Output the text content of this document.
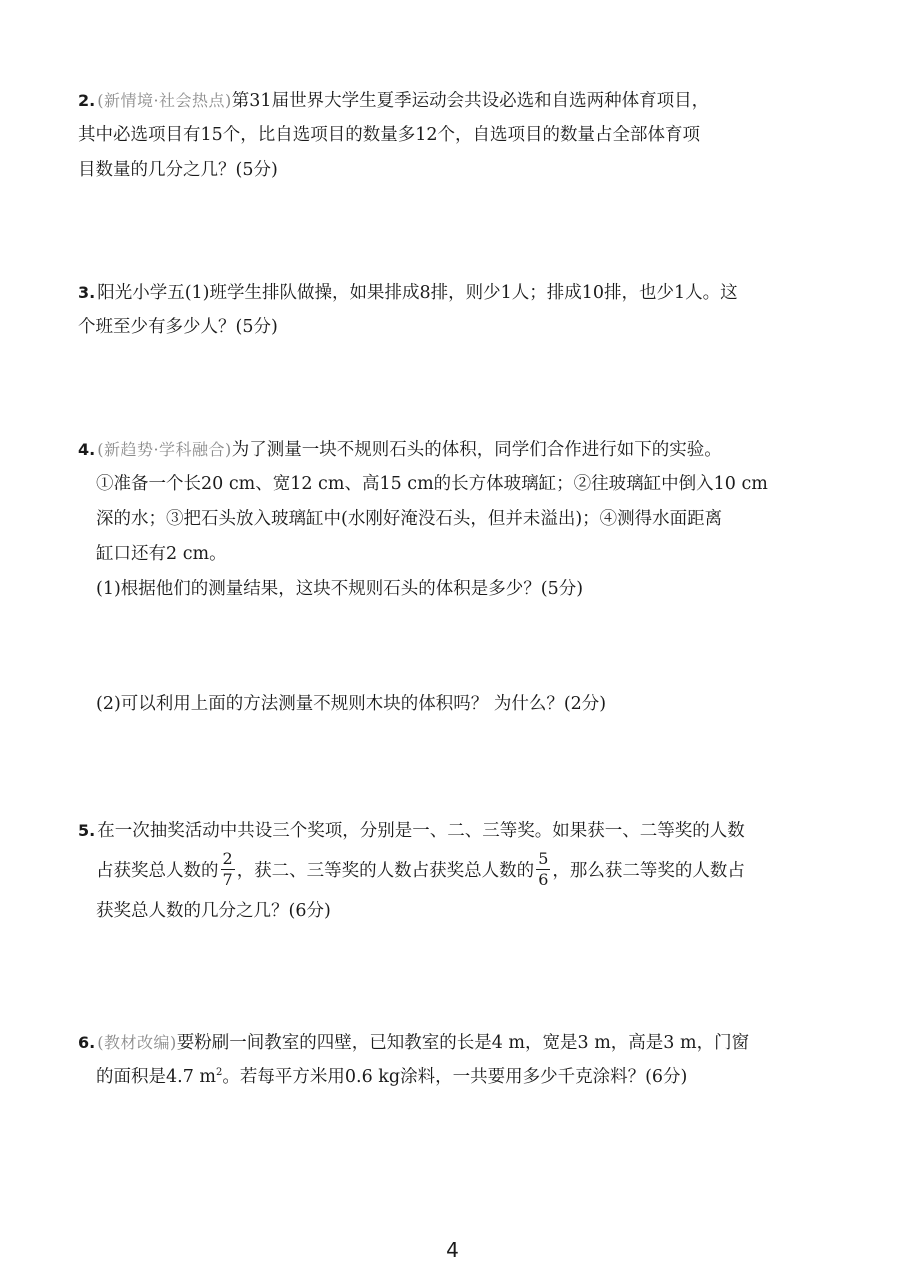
2. (新情境·社会热点)第31届世界大学生夏季运动会共设必选和自选两种体育项目，
其中必选项目有15个，比自选项目的数量多12个，自选项目的数量占全部体育项
目数量的几分之几？(5分)
3. 阳光小学五(1)班学生排队做操，如果排成8排，则少1人；排成10排，也少1人。这
个班至少有多少人？(5分)
4. (新趋势·学科融合)为了测量一块不规则石头的体积，同学们合作进行如下的实验。
①准备一个长20 cm、宽12 cm、高15 cm的长方体玻璃缸；②往玻璃缸中倒入10 cm
深的水；③把石头放入玻璃缸中(水刚好淹没石头，但并未溢出)；④测得水面距离
缸口还有2 cm。
(1)根据他们的测量结果，这块不规则石头的体积是多少？(5分)
(2)可以利用上面的方法测量不规则木块的体积吗？ 为什么？(2分)
5. 在一次抽奖活动中共设三个奖项，分别是一、二、三等奖。如果获一、二等奖的人数
占获奖总人数的 $\frac{2}{7}$ ，获二、三等奖的人数占获奖总人数的 $\frac{5}{6}$ ，那么获二等奖的人数占
获奖总人数的几分之几？(6分)
6. (教材改编)要粉刷一间教室的四壁，已知教室的长是4 m，宽是3 m，高是3 m，门窗
的面积是4.7 $m^2$。若每平方米用0.6 kg涂料，一共要用多少千克涂料？(6分)
4
